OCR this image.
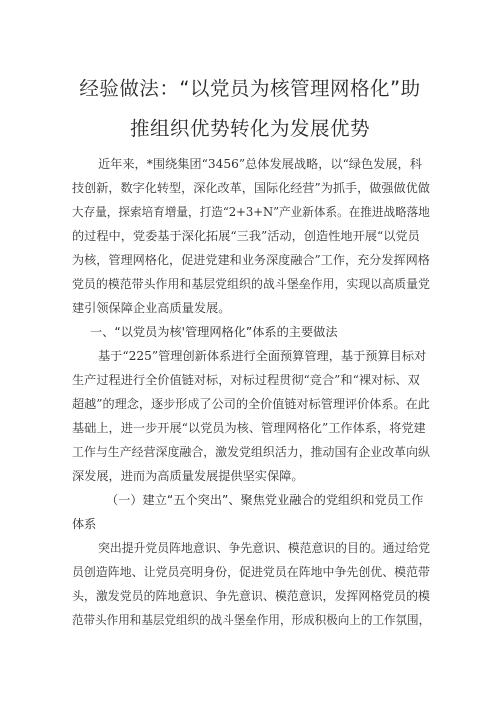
经验做法：“以党员为核管理网格化”助
推组织优势转化为发展优势
近年来，*围绕集团“3456”总体发展战略，以“绿色发展，科
技创新，数字化转型，深化改革，国际化经营”为抓手，做强做优做
大存量，探索培育增量，打造“2+3+N”产业新体系。在推进战略落地
的过程中，党委基于深化拓展“三我”活动，创造性地开展“以党员
为核，管理网格化，促进党建和业务深度融合”工作，充分发挥网格
党员的模范带头作用和基层党组织的战斗堡垒作用，实现以高质量党
建引领保障企业高质量发展。
一、“以党员为核'管理网格化”体系的主要做法
基于“225”管理创新体系进行全面预算管理，基于预算目标对
生产过程进行全价值链对标，对标过程贯彻“竞合”和“裸对标、双
超越”的理念，逐步形成了公司的全价值链对标管理评价体系。在此
基础上，进一步开展“以党员为核、管理网格化”工作体系，将党建
工作与生产经营深度融合，激发党组织活力，推动国有企业改革向纵
深发展，进而为高质量发展提供坚实保障。
（一）建立“五个突出”、聚焦党业融合的党组织和党员工作
体系
突出提升党员阵地意识、争先意识、模范意识的目的。通过给党
员创造阵地、让党员亮明身份，促进党员在阵地中争先创优、模范带
头，激发党员的阵地意识、争先意识、模范意识，发挥网格党员的模
范带头作用和基层党组织的战斗堡垒作用，形成积极向上的工作氛围，
